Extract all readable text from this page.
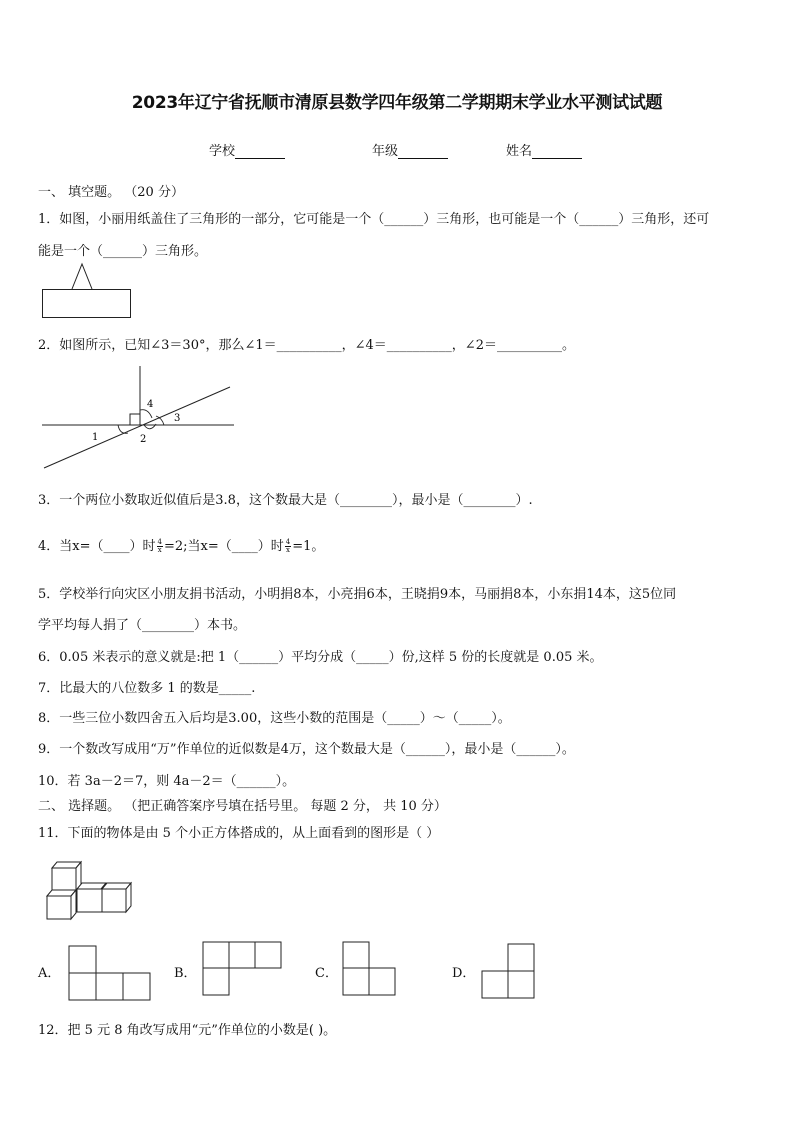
2023年辽宁省抚顺市清原县数学四年级第二学期期末学业水平测试试题
学校	年级	姓名
一、 填空题。 （20 分）
1．如图，小丽用纸盖住了三角形的一部分，它可能是一个（______）三角形，也可能是一个（______）三角形，还可
能是一个（______）三角形。
2．如图所示，已知∠3＝30°，那么∠1＝__________，∠4＝__________，∠2＝__________。
1	2
3
4
3．一个两位小数取近似值后是3.8，这个数最大是（________），最小是（________）.
4．当x=（____）时 $\frac{4}{x} =2$;当x=（____）时 $\frac{4}{x} =1$。
5．学校举行向灾区小朋友捐书活动，小明捐8本，小亮捐6本，王晓捐9本，马丽捐8本，小东捐14本，这5位同
学平均每人捐了（________）本书。
6．0.05 米表示的意义就是:把 1（______）平均分成（_____）份,这样 5 份的长度就是 0.05 米。
7．比最大的八位数多 1 的数是_____.
8．一些三位小数四舍五入后均是3.00，这些小数的范围是（_____）～（_____）。
9．一个数改写成用“万”作单位的近似数是4万，这个数最大是（______），最小是（______）。
10．若 3a－2＝7，则 4a－2＝（______）。
二、 选择题。 （把正确答案序号填在括号里。 每题 2 分， 共 10 分）
11．下面的物体是由 5 个小正方体搭成的，从上面看到的图形是（ ）
A．	B．	C．	D．
12．把 5 元 8 角改写成用“元”作单位的小数是( )。
